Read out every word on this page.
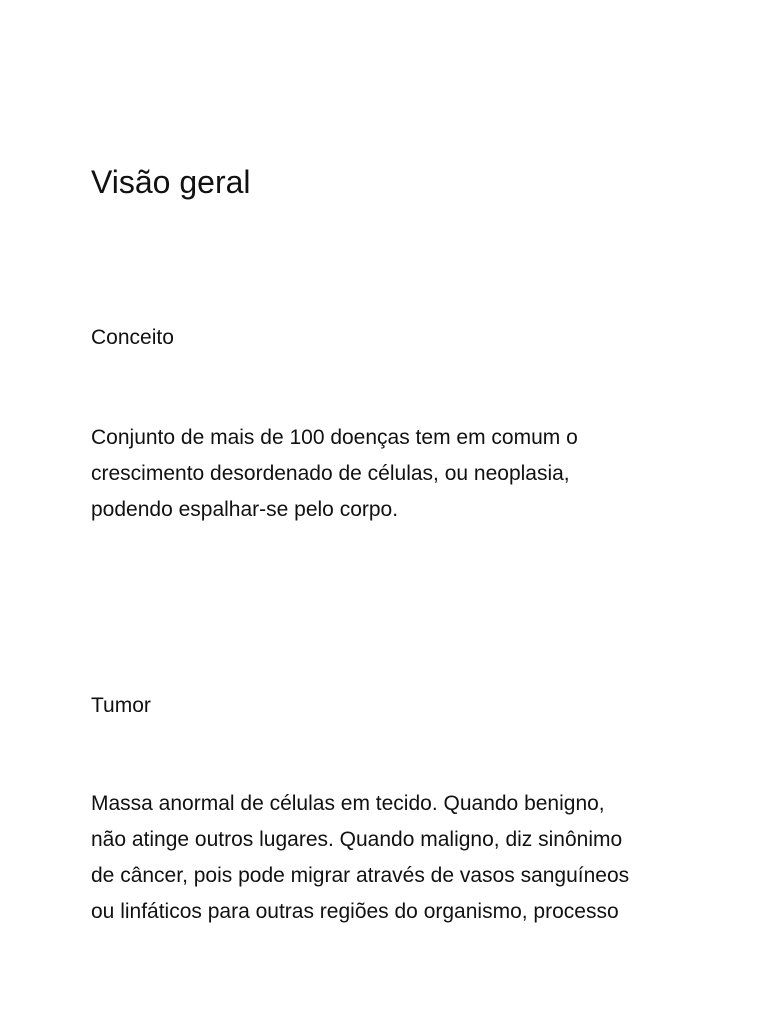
Visão geral
Conceito

Conjunto de mais de 100 doenças tem em comum o
crescimento desordenado de células, ou neoplasia,
podendo espalhar-se pelo corpo.

Tumor

Massa anormal de células em tecido. Quando benigno,
não atinge outros lugares. Quando maligno, diz sinônimo
de câncer, pois pode migrar através de vasos sanguíneos
ou linfáticos para outras regiões do organismo, processo
